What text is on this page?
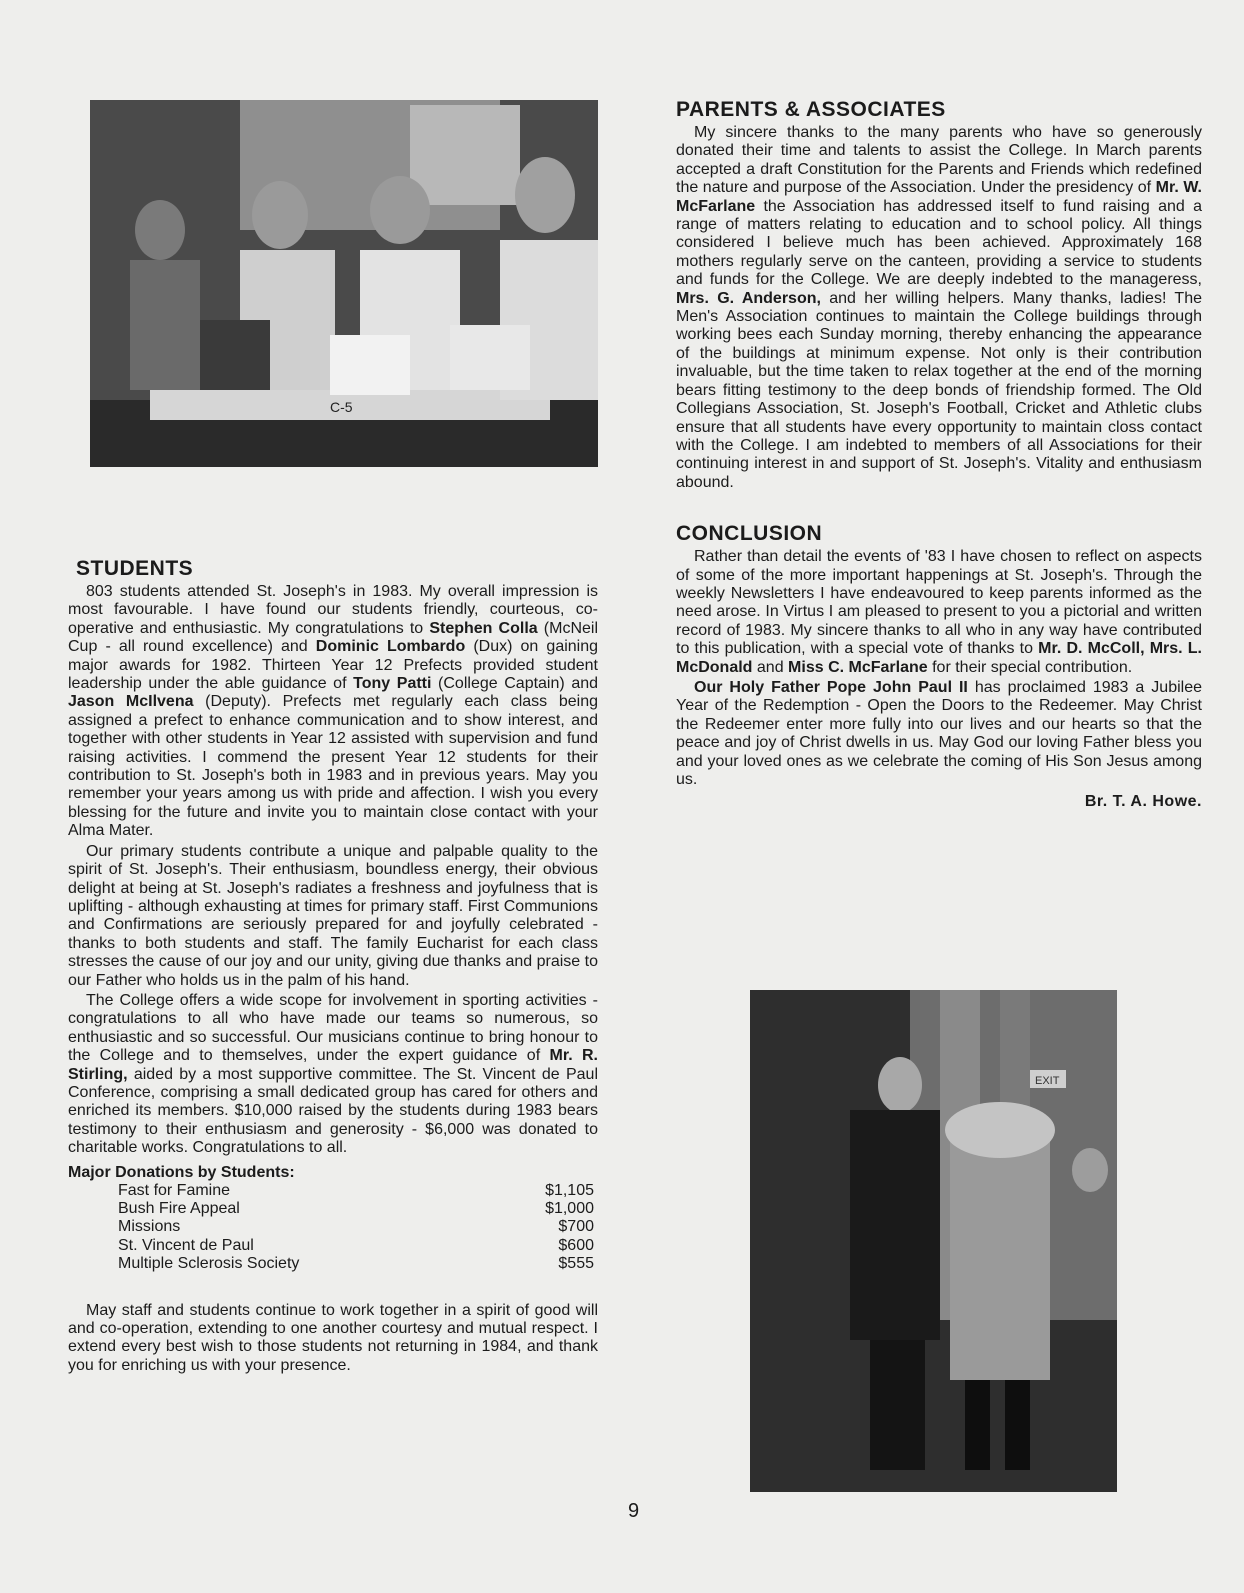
C-5
STUDENTS

803 students attended St. Joseph's in 1983. My overall impression is most favourable. I have found our students friendly, courteous, co-operative and enthusiastic. My congratulations to Stephen Colla (McNeil Cup - all round excellence) and Dominic Lombardo (Dux) on gaining major awards for 1982. Thirteen Year 12 Prefects provided student leadership under the able guidance of Tony Patti (College Captain) and Jason McIlvena (Deputy). Prefects met regularly each class being assigned a prefect to enhance communication and to show interest, and together with other students in Year 12 assisted with supervision and fund raising activities. I commend the present Year 12 students for their contribution to St. Joseph's both in 1983 and in previous years. May you remember your years among us with pride and affection. I wish you every blessing for the future and invite you to maintain close contact with your Alma Mater.

Our primary students contribute a unique and palpable quality to the spirit of St. Joseph's. Their enthusiasm, boundless energy, their obvious delight at being at St. Joseph's radiates a freshness and joyfulness that is uplifting - although exhausting at times for primary staff. First Communions and Confirmations are seriously prepared for and joyfully celebrated - thanks to both students and staff. The family Eucharist for each class stresses the cause of our joy and our unity, giving due thanks and praise to our Father who holds us in the palm of his hand.

The College offers a wide scope for involvement in sporting activities - congratulations to all who have made our teams so numerous, so enthusiastic and so successful. Our musicians continue to bring honour to the College and to themselves, under the expert guidance of Mr. R. Stirling, aided by a most supportive committee. The St. Vincent de Paul Conference, comprising a small dedicated group has cared for others and enriched its members. $10,000 raised by the students during 1983 bears testimony to their enthusiasm and generosity - $6,000 was donated to charitable works. Congratulations to all.

Major Donations by Students:
Fast for Famine	$1,105
Bush Fire Appeal	$1,000
Missions	$700
St. Vincent de Paul	$600
Multiple Sclerosis Society	$555

May staff and students continue to work together in a spirit of good will and co-operation, extending to one another courtesy and mutual respect. I extend every best wish to those students not returning in 1984, and thank you for enriching us with your presence.

PARENTS & ASSOCIATES

My sincere thanks to the many parents who have so generously donated their time and talents to assist the College. In March parents accepted a draft Constitution for the Parents and Friends which redefined the nature and purpose of the Association. Under the presidency of Mr. W. McFarlane the Association has addressed itself to fund raising and a range of matters relating to education and to school policy. All things considered I believe much has been achieved. Approximately 168 mothers regularly serve on the canteen, providing a service to students and funds for the College. We are deeply indebted to the manageress, Mrs. G. Anderson, and her willing helpers. Many thanks, ladies! The Men's Association continues to maintain the College buildings through working bees each Sunday morning, thereby enhancing the appearance of the buildings at minimum expense. Not only is their contribution invaluable, but the time taken to relax together at the end of the morning bears fitting testimony to the deep bonds of friendship formed. The Old Collegians Association, St. Joseph's Football, Cricket and Athletic clubs ensure that all students have every opportunity to maintain closs contact with the College. I am indebted to members of all Associations for their continuing interest in and support of St. Joseph's. Vitality and enthusiasm abound.

CONCLUSION

Rather than detail the events of '83 I have chosen to reflect on aspects of some of the more important happenings at St. Joseph's. Through the weekly Newsletters I have endeavoured to keep parents informed as the need arose. In Virtus I am pleased to present to you a pictorial and written record of 1983. My sincere thanks to all who in any way have contributed to this publication, with a special vote of thanks to Mr. D. McColl, Mrs. L. McDonald and Miss C. McFarlane for their special contribution.

Our Holy Father Pope John Paul II has proclaimed 1983 a Jubilee Year of the Redemption - Open the Doors to the Redeemer. May Christ the Redeemer enter more fully into our lives and our hearts so that the peace and joy of Christ dwells in us. May God our loving Father bless you and your loved ones as we celebrate the coming of His Son Jesus among us.

Br. T. A. Howe.
EXIT
9
